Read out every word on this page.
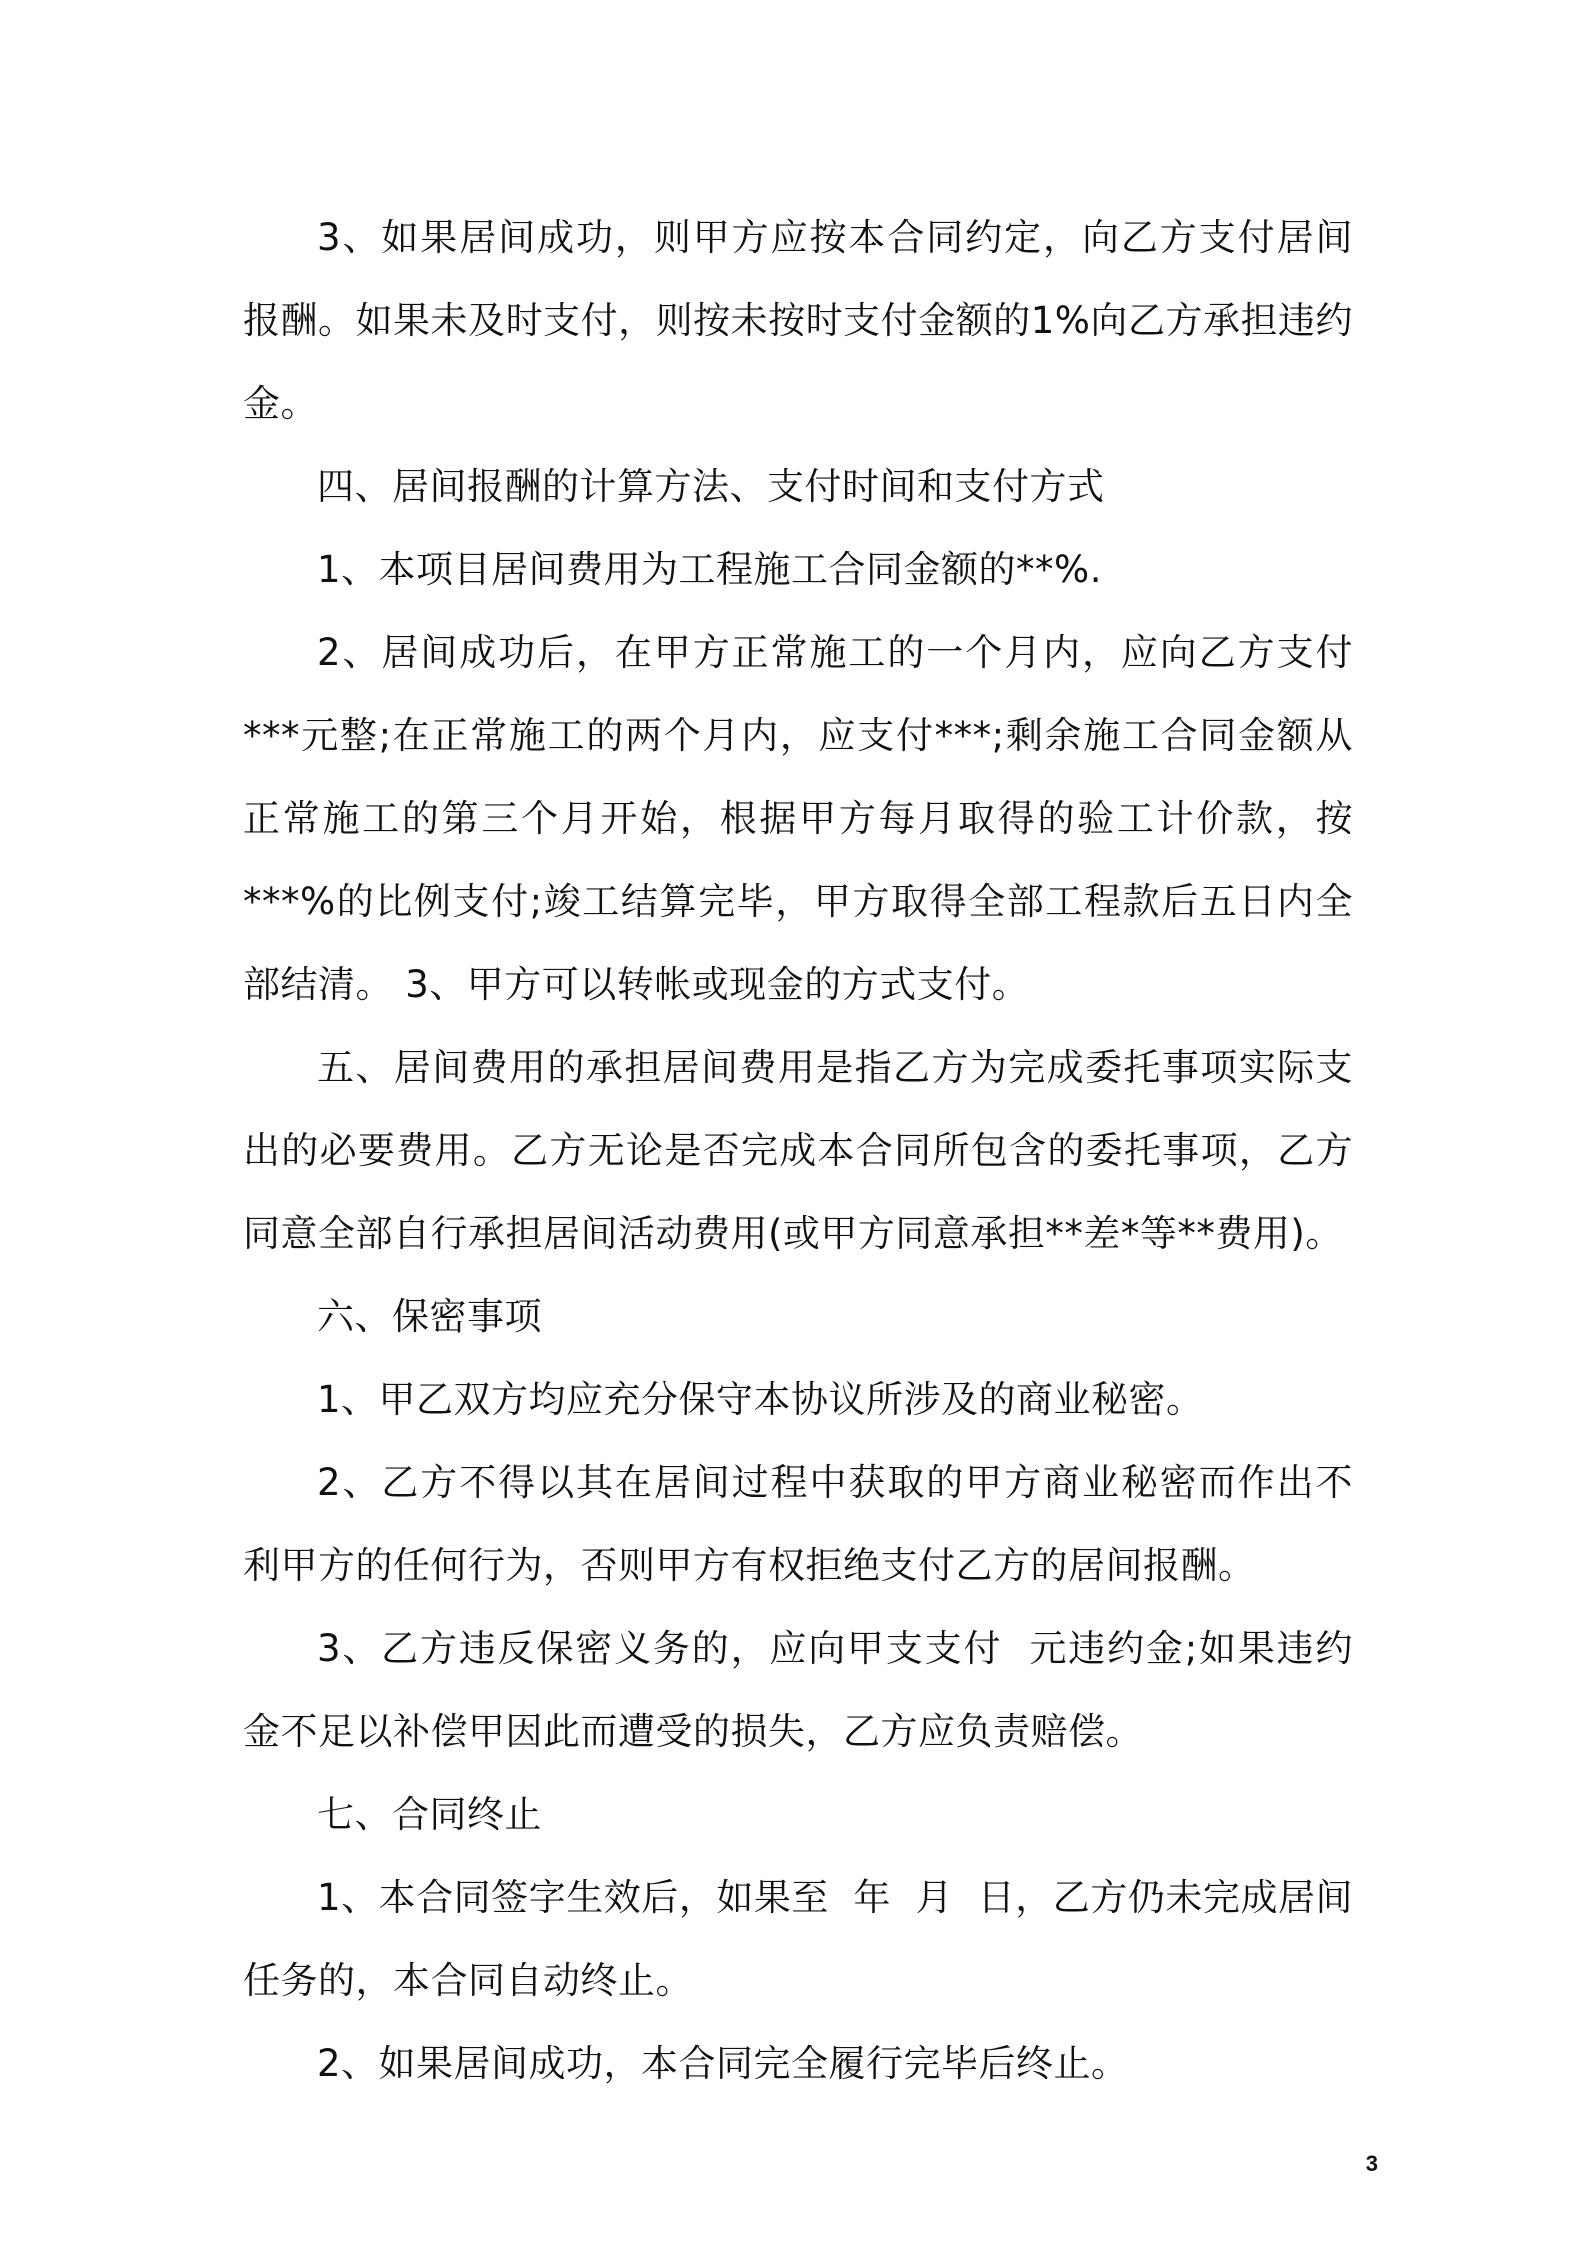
3、如果居间成功，则甲方应按本合同约定，向乙方支付居间报酬。如果未及时支付，则按未按时支付金额的1%向乙方承担违约金。

四、居间报酬的计算方法、支付时间和支付方式

1、本项目居间费用为工程施工合同金额的**%.

2、居间成功后，在甲方正常施工的一个月内，应向乙方支付***元整;在正常施工的两个月内，应支付***;剩余施工合同金额从正常施工的第三个月开始，根据甲方每月取得的验工计价款，按***%的比例支付;竣工结算完毕，甲方取得全部工程款后五日内全部结清。 3、甲方可以转帐或现金的方式支付。

五、居间费用的承担居间费用是指乙方为完成委托事项实际支出的必要费用。乙方无论是否完成本合同所包含的委托事项，乙方同意全部自行承担居间活动费用(或甲方同意承担**差*等**费用)。

六、保密事项

1、甲乙双方均应充分保守本协议所涉及的商业秘密。

2、乙方不得以其在居间过程中获取的甲方商业秘密而作出不利甲方的任何行为，否则甲方有权拒绝支付乙方的居间报酬。

3、乙方违反保密义务的，应向甲支支付  元违约金;如果违约金不足以补偿甲因此而遭受的损失，乙方应负责赔偿。

七、合同终止

1、本合同签字生效后，如果至  年  月  日，乙方仍未完成居间任务的，本合同自动终止。

2、如果居间成功，本合同完全履行完毕后终止。

3
